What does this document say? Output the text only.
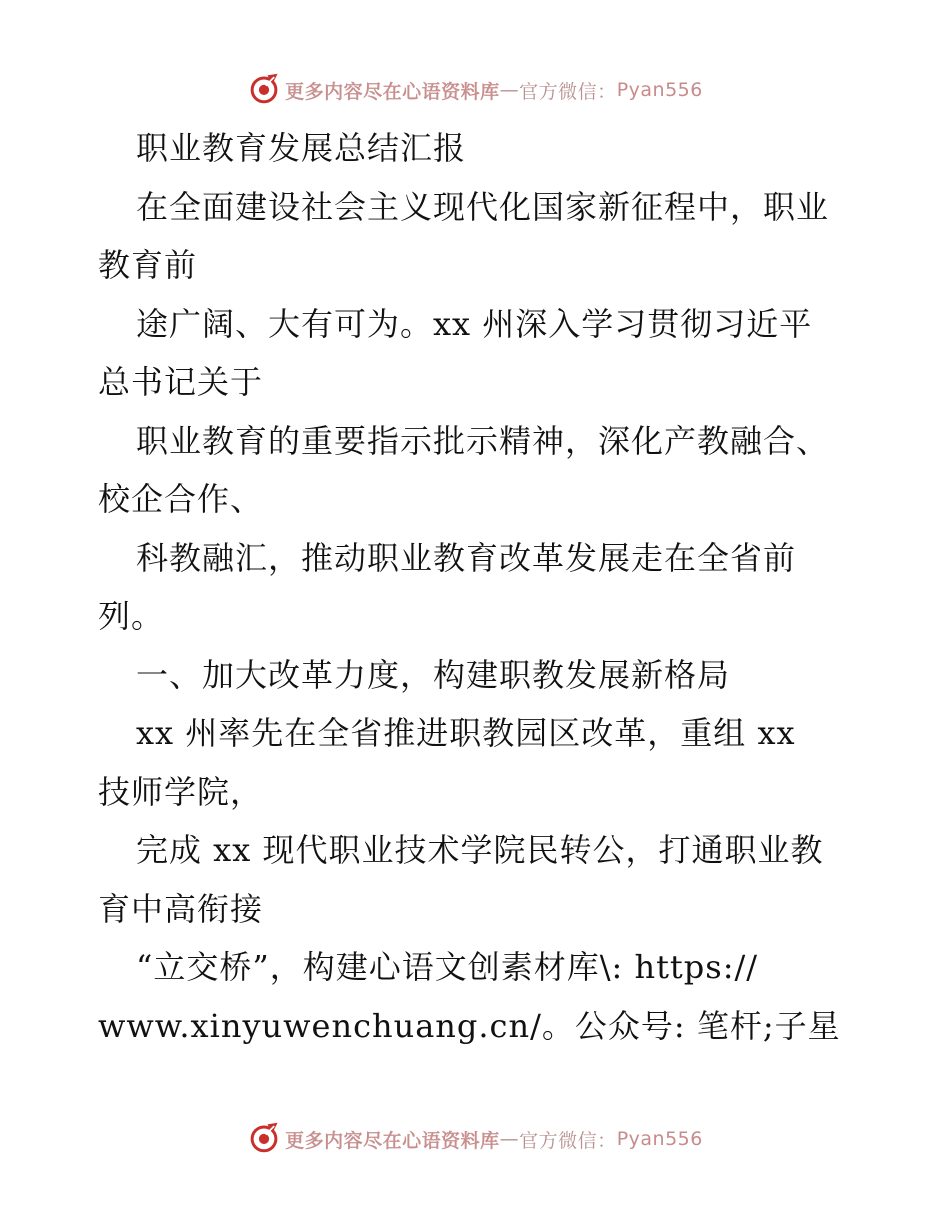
更多内容尽在心语资料库 — 官方微信： Pyan556
职业教育发展总结汇报
在全面建设社会主义现代化国家新征程中，职业
教育前
途广阔、大有可为。xx 州深入学习贯彻习近平
总书记关于
职业教育的重要指示批示精神，深化产教融合、
校企合作、
科教融汇，推动职业教育改革发展走在全省前
列。
一、加大改革力度，构建职教发展新格局
xx 州率先在全省推进职教园区改革，重组 xx
技师学院，
完成 xx 现代职业技术学院民转公，打通职业教
育中高衔接
“立交桥”，构建心语文创素材库\: https://
www.xinyuwenchuang.cn/。公众号: 笔杆;子星
更多内容尽在心语资料库 — 官方微信： Pyan556
